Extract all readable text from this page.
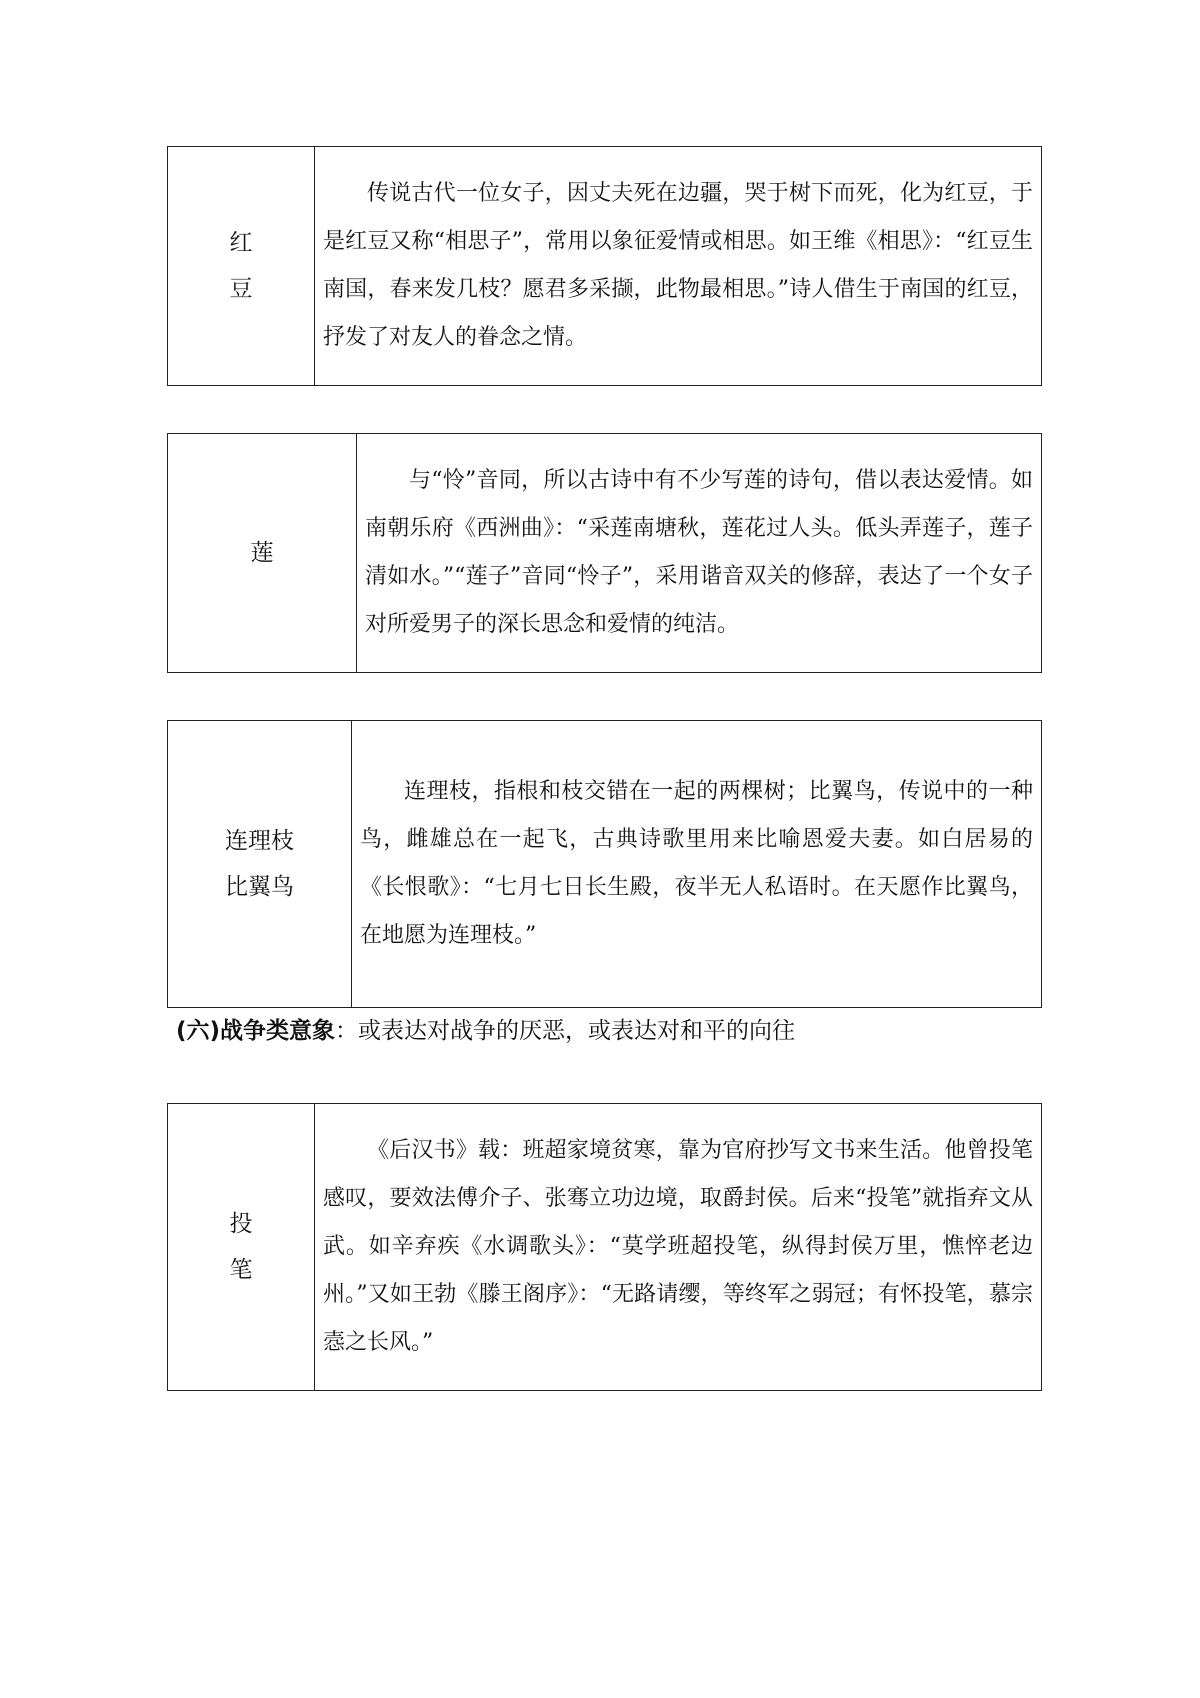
红
豆

传说古代一位女子，因丈夫死在边疆，哭于树下而死，化为红豆，于是红豆又称“相思子”，常用以象征爱情或相思。如王维《相思》：“红豆生南国，春来发几枝？愿君多采撷，此物最相思。”诗人借生于南国的红豆，抒发了对友人的眷念之情。

莲

与“怜”音同，所以古诗中有不少写莲的诗句，借以表达爱情。如南朝乐府《西洲曲》：“采莲南塘秋，莲花过人头。低头弄莲子，莲子清如水。”“莲子”音同“怜子”，采用谐音双关的修辞，表达了一个女子对所爱男子的深长思念和爱情的纯洁。

连理枝
比翼鸟

连理枝，指根和枝交错在一起的两棵树；比翼鸟，传说中的一种鸟，雌雄总在一起飞，古典诗歌里用来比喻恩爱夫妻。如白居易的《长恨歌》：“七月七日长生殿，夜半无人私语时。在天愿作比翼鸟，在地愿为连理枝。”

(六)战争类意象：或表达对战争的厌恶，或表达对和平的向往
投
笔

《后汉书》载：班超家境贫寒，靠为官府抄写文书来生活。他曾投笔感叹，要效法傅介子、张骞立功边境，取爵封侯。后来“投笔”就指弃文从武。如辛弃疾《水调歌头》：“莫学班超投笔，纵得封侯万里，憔悴老边州。”又如王勃《滕王阁序》：“无路请缨，等终军之弱冠；有怀投笔，慕宗悫之长风。”
